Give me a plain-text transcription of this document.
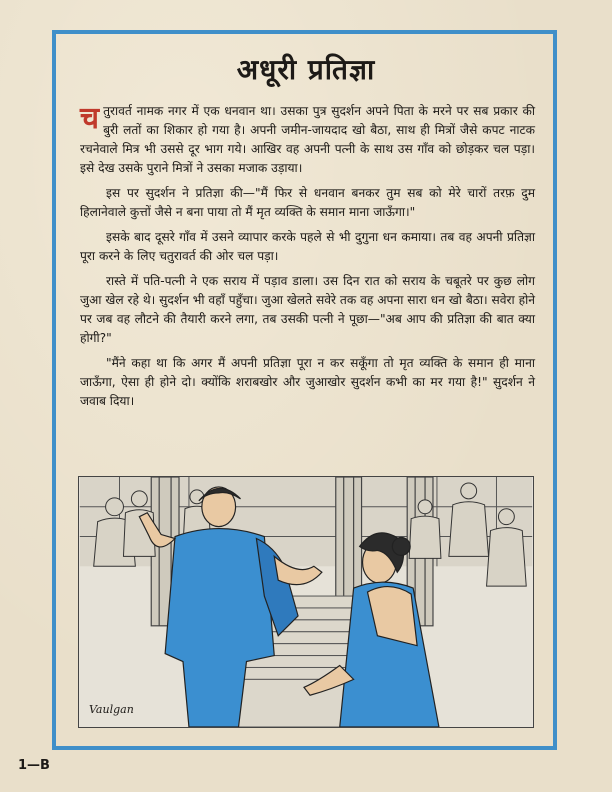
अधूरी प्रतिज्ञा

चतुरावर्त नामक नगर में एक धनवान था। उसका पुत्र सुदर्शन अपने पिता के मरने पर सब प्रकार की बुरी लतों का शिकार हो गया है। अपनी जमीन-जायदाद खो बैठा, साथ ही मित्रों जैसे कपट नाटक रचनेवाले मित्र भी उससे दूर भाग गये। आखिर वह अपनी पत्नी के साथ उस गाँव को छोड़कर चल पड़ा। इसे देख उसके पुराने मित्रों ने उसका मजाक उड़ाया।

इस पर सुदर्शन ने प्रतिज्ञा की—"मैं फिर से धनवान बनकर तुम सब को मेरे चारों तरफ़ दुम हिलानेवाले कुत्तों जैसे न बना पाया तो मैं मृत व्यक्ति के समान माना जाऊँगा।"

इसके बाद दूसरे गाँव में उसने व्यापार करके पहले से भी दुगुना धन कमाया। तब वह अपनी प्रतिज्ञा पूरा करने के लिए चतुरावर्त की ओर चल पड़ा।

रास्ते में पति-पत्नी ने एक सराय में पड़ाव डाला। उस दिन रात को सराय के चबूतरे पर कुछ लोग जुआ खेल रहे थे। सुदर्शन भी वहाँ पहुँचा। जुआ खेलते सवेरे तक वह अपना सारा धन खो बैठा। सवेरा होने पर जब वह लौटने की तैयारी करने लगा, तब उसकी पत्नी ने पूछा—"अब आप की प्रतिज्ञा की बात क्या होगी?"

"मैंने कहा था कि अगर मैं अपनी प्रतिज्ञा पूरा न कर सकूँगा तो मृत व्यक्ति के समान ही माना जाऊँगा, ऐसा ही होने दो। क्योंकि शराबखोर और जुआखोर सुदर्शन कभी का मर गया है!" सुदर्शन ने जवाब दिया।

Vaulgan
1—B
